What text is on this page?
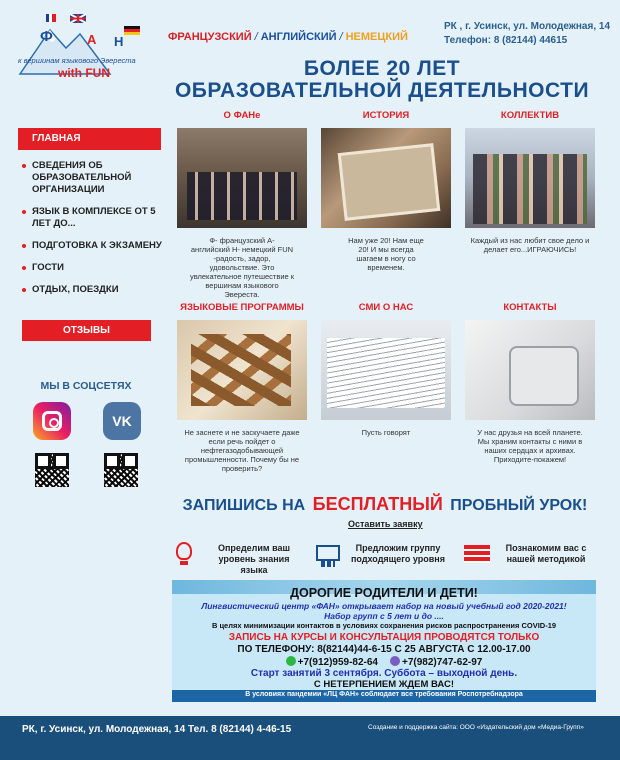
Ф	А Н
к вершинам языкового Эвереста
with FUN
ФРАНЦУЗСКИЙ / АНГЛИЙСКИЙ / НЕМЕЦКИЙ
РК , г. Усинск, ул. Молодежная, 14
Телефон: 8 (82144) 44615
БОЛЕЕ 20 ЛЕТ
ОБРАЗОВАТЕЛЬНОЙ ДЕЯТЕЛЬНОСТИ
ГЛАВНАЯ
СВЕДЕНИЯ ОБ ОБРАЗОВАТЕЛЬНОЙ ОРГАНИЗАЦИИ
ЯЗЫК В КОМПЛЕКСЕ ОТ 5 ЛЕТ ДО...
ПОДГОТОВКА К ЭКЗАМЕНУ
ГОСТИ
ОТДЫХ, ПОЕЗДКИ
ОТЗЫВЫ
МЫ В СОЦСЕТЯХ
VK
О ФАНе
Ф- французский А- английский Н- немецкий FUN -радость, задор, удовольствие. Это увлекательное путешествие к вершинам языкового Эвереста.
ИСТОРИЯ
Нам уже 20! Нам еще 20! И мы всегда шагаем в ногу со временем.
КОЛЛЕКТИВ
Каждый из нас любит свое дело и делает его...ИГРАЮЧИСЬ!
ЯЗЫКОВЫЕ ПРОГРАММЫ
Не заснете и не заскучаете даже если речь пойдет о нефтегазодобывающей промышленности. Почему бы не проверить?
СМИ О НАС
Пусть говорят
КОНТАКТЫ
У нас друзья на всей планете. Мы храним контакты с ними в наших сердцах и архивах. Приходите-покажем!
ЗАПИШИСЬ НА БЕСПЛАТНЫЙ ПРОБНЫЙ УРОК!
Оставить заявку
Определим ваш уровень знания языка
Предложим группу подходящего уровня
Познакомим вас с нашей методикой
ДОРОГИЕ РОДИТЕЛИ И ДЕТИ!
Лингвистический центр «ФАН» открывает набор на новый учебный год 2020-2021!
Набор групп с 5 лет и до ....
В целях минимизации контактов в условиях сохранения рисков распространения COVID-19
ЗАПИСЬ НА КУРСЫ И КОНСУЛЬТАЦИЯ ПРОВОДЯТСЯ ТОЛЬКО
ПО ТЕЛЕФОНУ: 8(82144)44-6-15 С 25 АВГУСТА С 12.00-17.00
+7(912)959-82-64 +7(982)747-62-97
Старт занятий 3 сентября. Суббота – выходной день.
С НЕТЕРПЕНИЕМ ЖДЕМ ВАС!
В условиях пандемии «ЛЦ ФАН» соблюдает все требования Роспотребнадзора
РК, г. Усинск, ул. Молодежная, 14 Тел. 8 (82144) 4-46-15	Создание и поддержка сайта: ООО «Издательский дом «Медиа-Групп»
